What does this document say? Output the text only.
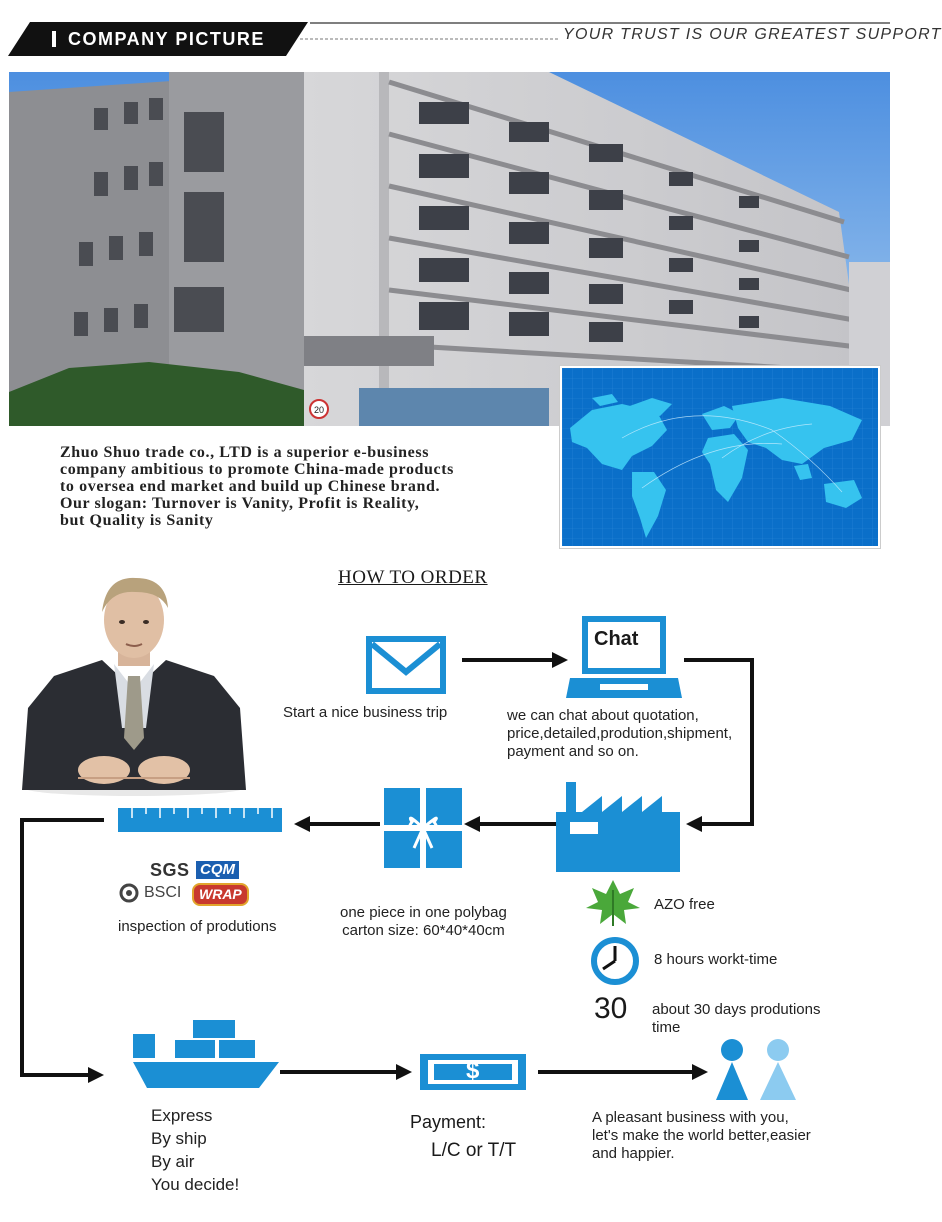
COMPANY PICTURE	YOUR TRUST IS OUR GREATEST SUPPORT
20
Zhuo Shuo trade co., LTD is a superior e-business
company ambitious to promote China-made products
to oversea end market and build up Chinese brand.
Our slogan: Turnover is Vanity, Profit is Reality,
but Quality is Sanity
HOW TO ORDER
Start a nice business trip
Chat
we can chat about quotation,
price,detailed,prodution,shipment,
payment and so on.
SGS CQM
BSCI	WRAP
inspection of produtions
one piece in one polybag
carton size: 60*40*40cm
AZO free
8 hours workt-time
30 about 30 days produtions
time
Express
By ship
By air
You decide!
$
Payment:
L/C or T/T
A pleasant business with you,
let's make the world better,easier
and happier.
